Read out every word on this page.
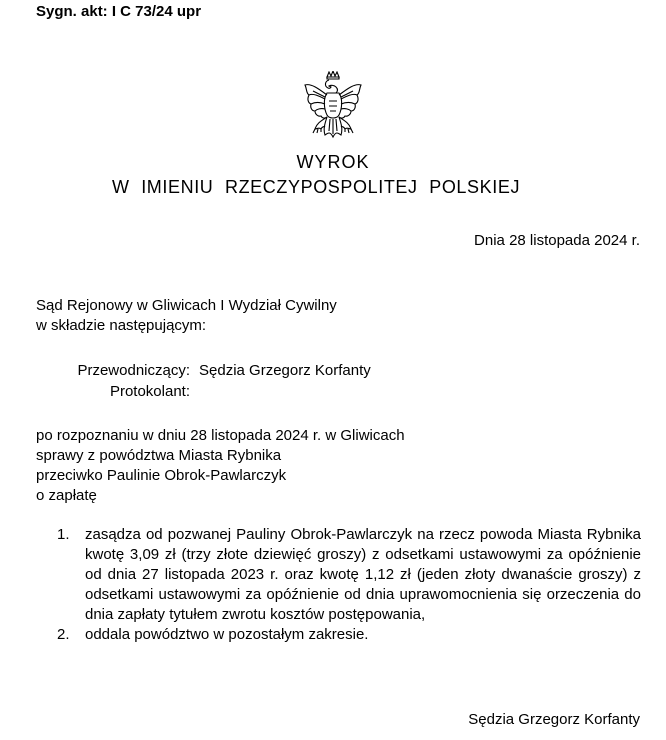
Sygn. akt: I C 73/24 upr
WYROK
W IMIENIU RZECZYPOSPOLITEJ POLSKIEJ
Dnia 28 listopada 2024 r.
Sąd Rejonowy w Gliwicach I Wydział Cywilny
w składzie następującym:
Przewodniczący: Sędzia Grzegorz Korfanty
Protokolant:
po rozpoznaniu w dniu 28 listopada 2024 r. w Gliwicach
sprawy z powództwa Miasta Rybnika
przeciwko Paulinie Obrok-Pawlarczyk
o zapłatę
1.	zasądza od pozwanej Pauliny Obrok-Pawlarczyk na rzecz powoda Miasta Rybnika kwotę 3,09 zł (trzy złote dziewięć groszy) z odsetkami ustawowymi za opóźnienie od dnia 27 listopada 2023 r. oraz kwotę 1,12 zł (jeden złoty dwanaście groszy) z odsetkami ustawowymi za opóźnienie od dnia uprawomocnienia się orzeczenia do dnia zapłaty tytułem zwrotu kosztów postępowania,
2.	oddala powództwo w pozostałym zakresie.
Sędzia Grzegorz Korfanty
